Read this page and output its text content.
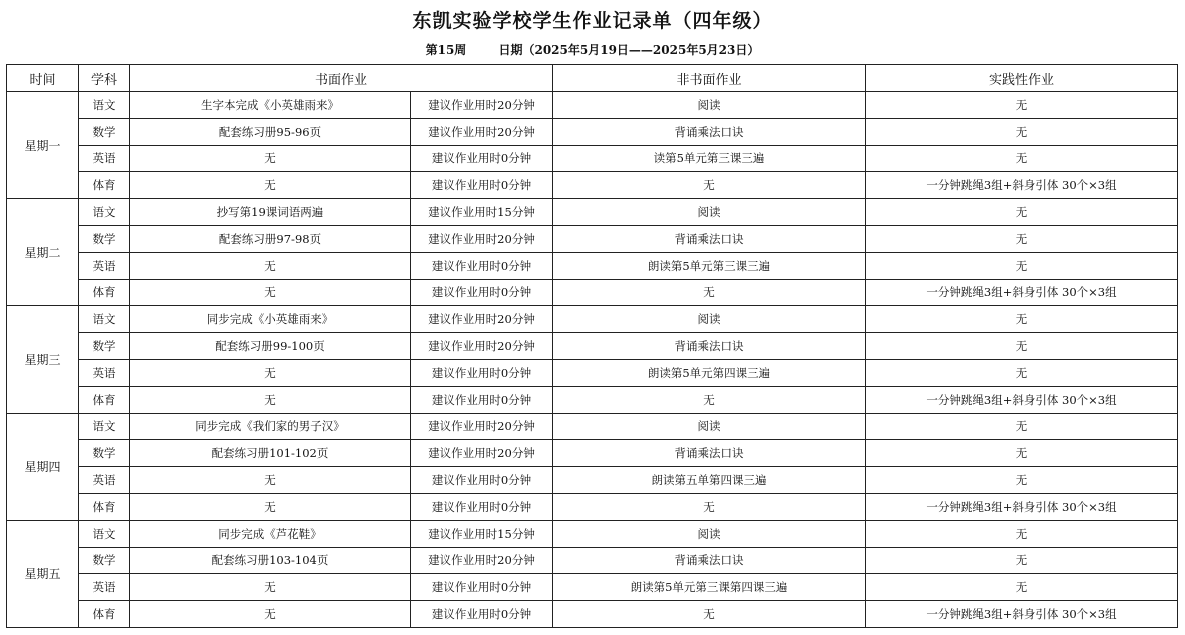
东凯实验学校学生作业记录单（四年级）
第15周	日期（2025年5月19日——2025年5月23日）
时间	学科	书面作业		非书面作业	实践性作业
星期一	语文	生字本完成《小英雄雨来》	建议作业用时20分钟	阅读	无
	数学	配套练习册95-96页	建议作业用时20分钟	背诵乘法口诀	无
	英语	无	建议作业用时0分钟	读第5单元第三课三遍	无
	体育	无	建议作业用时0分钟	无	一分钟跳绳3组+斜身引体 30个×3组
星期二	语文	抄写第19课词语两遍	建议作业用时15分钟	阅读	无
	数学	配套练习册97-98页	建议作业用时20分钟	背诵乘法口诀	无
	英语	无	建议作业用时0分钟	朗读第5单元第三课三遍	无
	体育	无	建议作业用时0分钟	无	一分钟跳绳3组+斜身引体 30个×3组
星期三	语文	同步完成《小英雄雨来》	建议作业用时20分钟	阅读	无
	数学	配套练习册99-100页	建议作业用时20分钟	背诵乘法口诀	无
	英语	无	建议作业用时0分钟	朗读第5单元第四课三遍	无
	体育	无	建议作业用时0分钟	无	一分钟跳绳3组+斜身引体 30个×3组
星期四	语文	同步完成《我们家的男子汉》	建议作业用时20分钟	阅读	无
	数学	配套练习册101-102页	建议作业用时20分钟	背诵乘法口诀	无
	英语	无	建议作业用时0分钟	朗读第五单第四课三遍	无
	体育	无	建议作业用时0分钟	无	一分钟跳绳3组+斜身引体 30个×3组
星期五	语文	同步完成《芦花鞋》	建议作业用时15分钟	阅读	无
	数学	配套练习册103-104页	建议作业用时20分钟	背诵乘法口诀	无
	英语	无	建议作业用时0分钟	朗读第5单元第三课第四课三遍	无
	体育	无	建议作业用时0分钟	无	一分钟跳绳3组+斜身引体 30个×3组
